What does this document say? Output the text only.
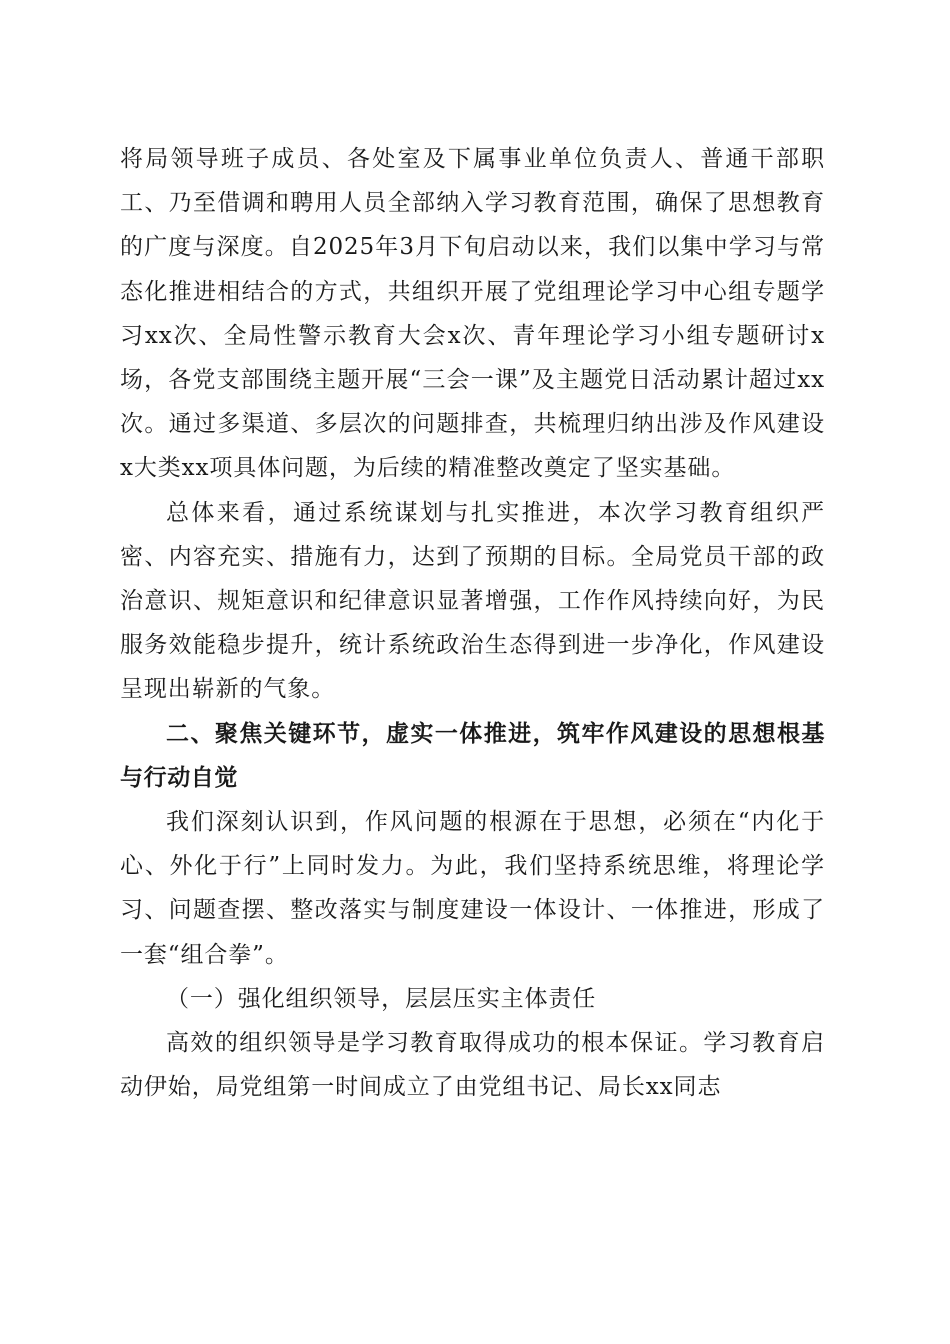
将局领导班子成员、各处室及下属事业单位负责人、普通干部职工、乃至借调和聘用人员全部纳入学习教育范围，确保了思想教育的广度与深度。自2025年3月下旬启动以来，我们以集中学习与常态化推进相结合的方式，共组织开展了党组理论学习中心组专题学习xx次、全局性警示教育大会x次、青年理论学习小组专题研讨x场，各党支部围绕主题开展“三会一课”及主题党日活动累计超过xx次。通过多渠道、多层次的问题排查，共梳理归纳出涉及作风建设x大类xx项具体问题，为后续的精准整改奠定了坚实基础。

总体来看，通过系统谋划与扎实推进，本次学习教育组织严密、内容充实、措施有力，达到了预期的目标。全局党员干部的政治意识、规矩意识和纪律意识显著增强，工作作风持续向好，为民服务效能稳步提升，统计系统政治生态得到进一步净化，作风建设呈现出崭新的气象。

二、聚焦关键环节，虚实一体推进，筑牢作风建设的思想根基与行动自觉

我们深刻认识到，作风问题的根源在于思想，必须在“内化于心、外化于行”上同时发力。为此，我们坚持系统思维，将理论学习、问题查摆、整改落实与制度建设一体设计、一体推进，形成了一套“组合拳”。

（一）强化组织领导，层层压实主体责任

高效的组织领导是学习教育取得成功的根本保证。学习教育启动伊始，局党组第一时间成立了由党组书记、局长xx同志
